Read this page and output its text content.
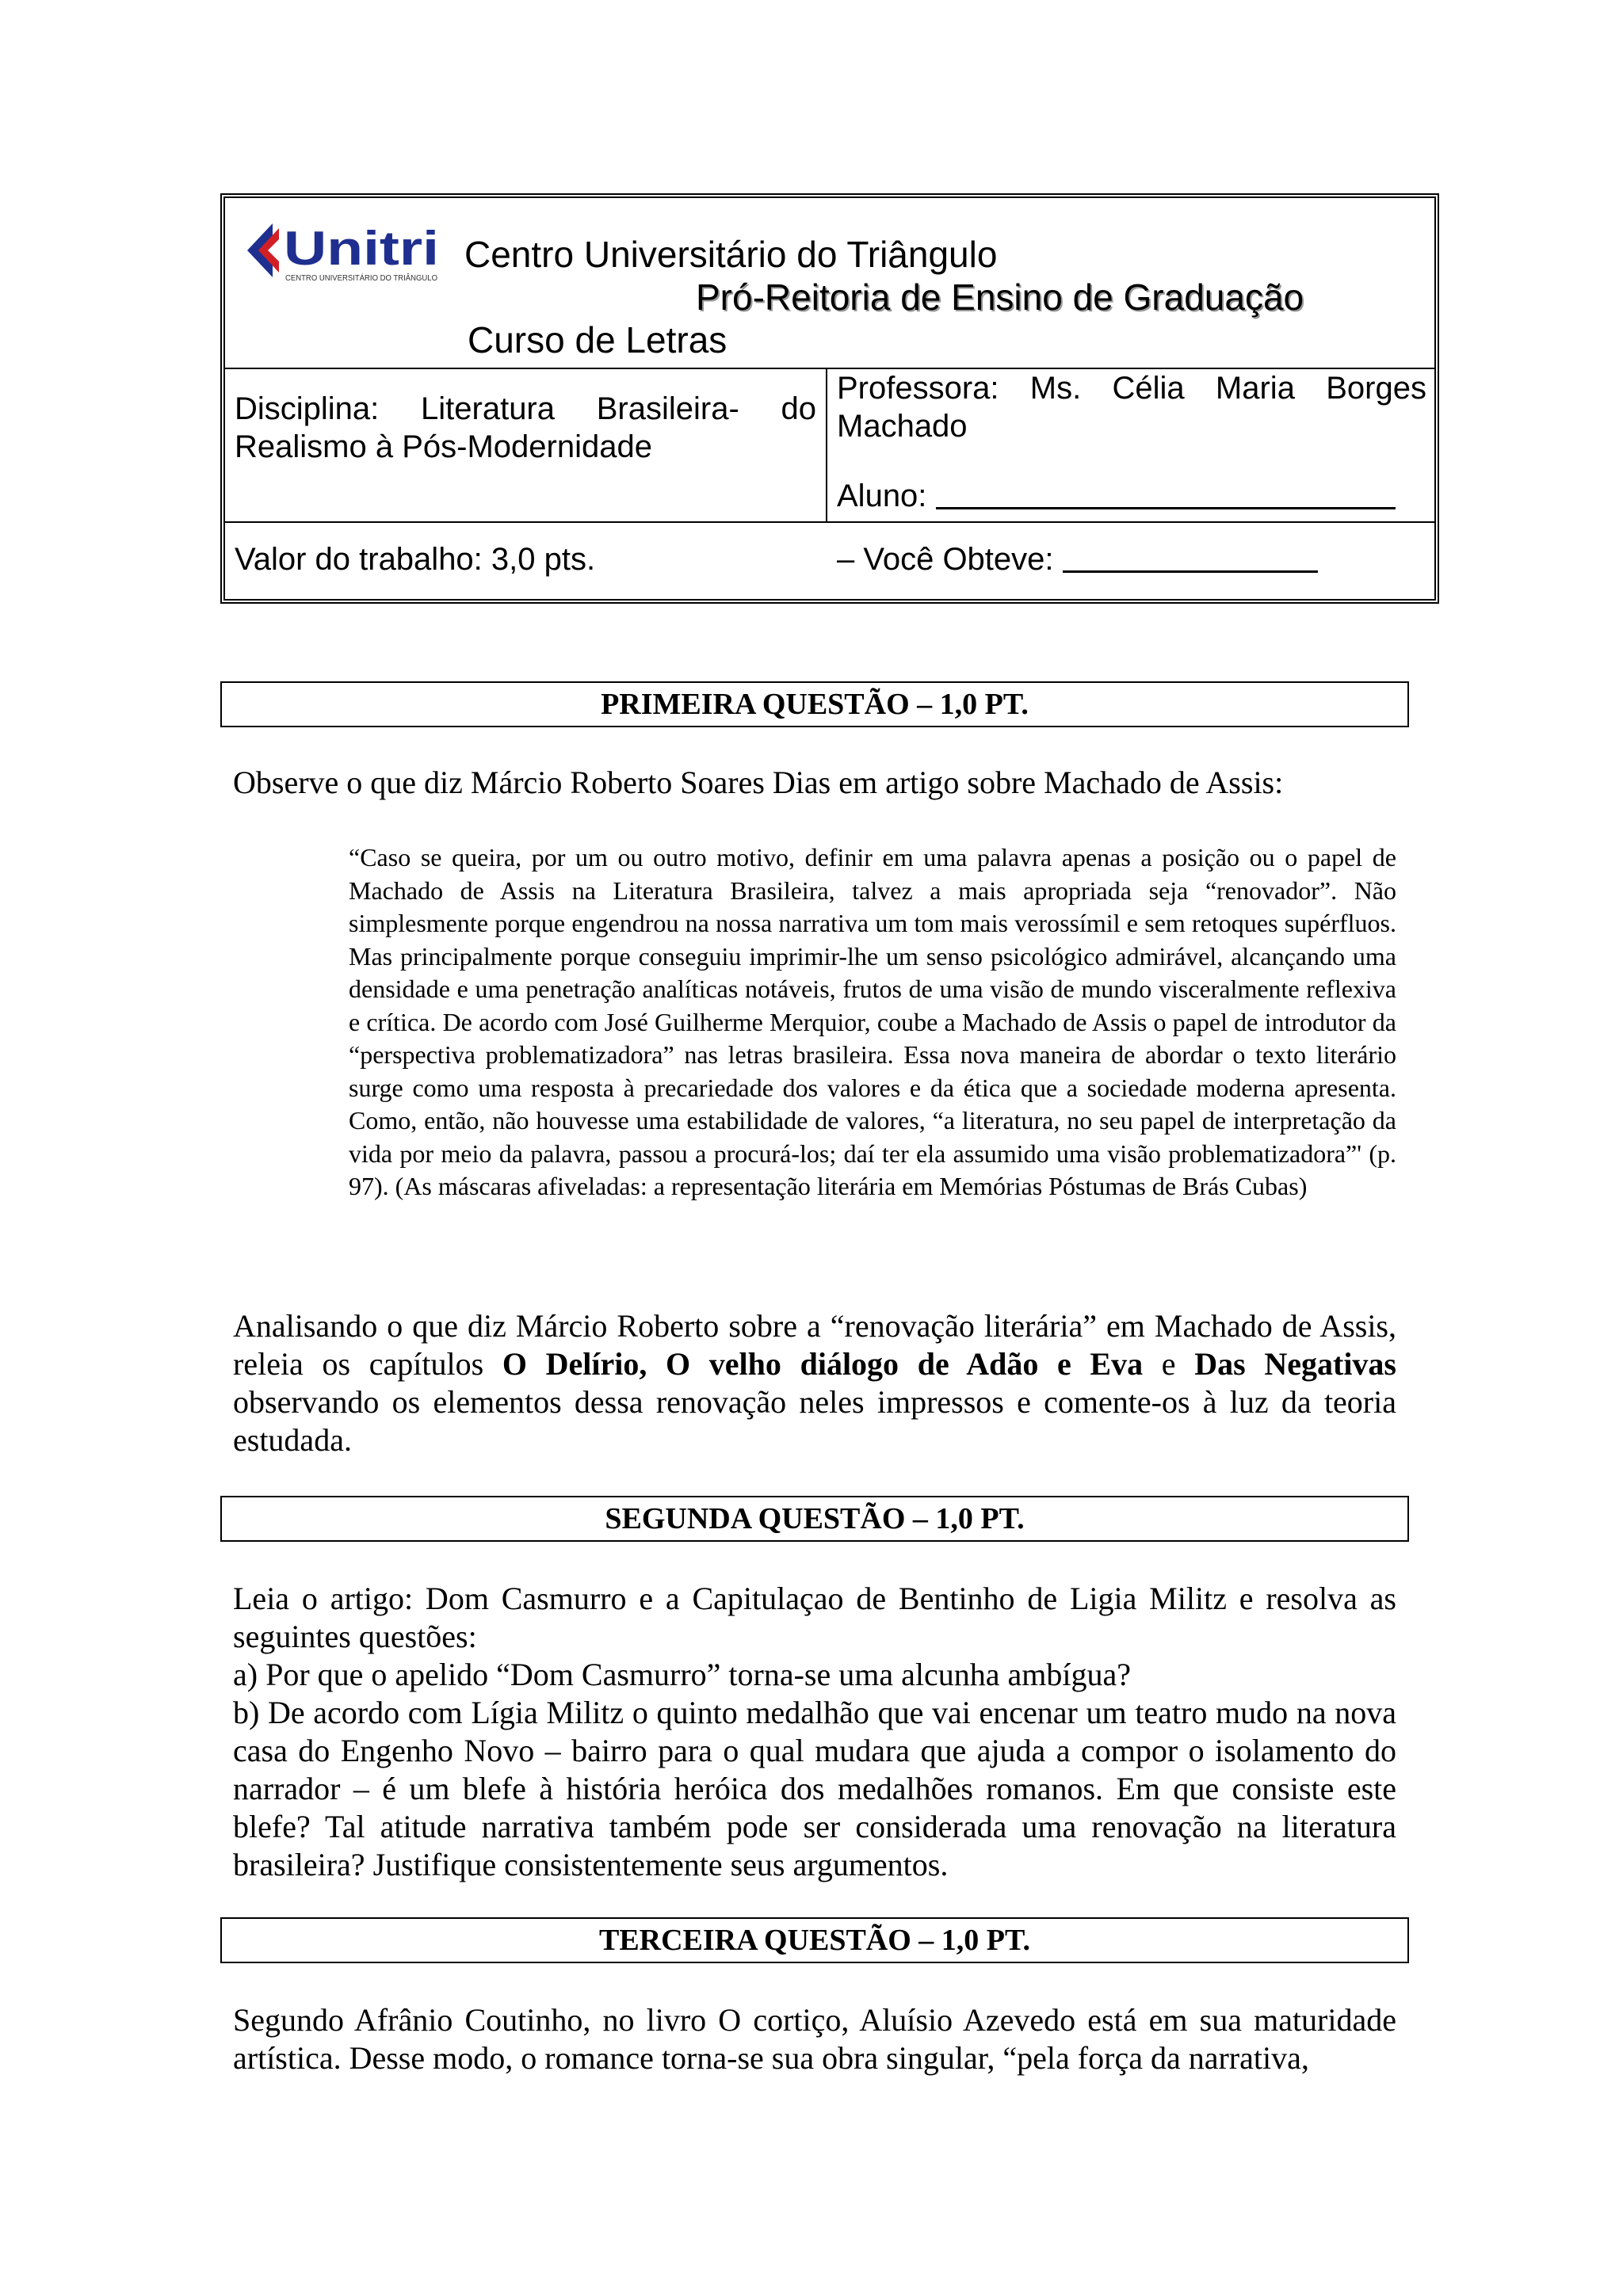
Unitri
CENTRO UNIVERSITÁRIO DO TRIÂNGULO
Centro Universitário do Triângulo
Pró-Reitoria de Ensino de Graduação
Curso de Letras
Disciplina: Literatura Brasileira- do
Realismo à Pós-Modernidade
Professora: Ms. Célia Maria Borges
Machado
Aluno:
Valor do trabalho: 3,0 pts.	– Você Obteve:
PRIMEIRA QUESTÃO – 1,0 PT.
Observe o que diz Márcio Roberto Soares Dias em artigo sobre Machado de Assis:
“Caso se queira, por um ou outro motivo, definir em uma palavra apenas a posição ou o papel de Machado de Assis na Literatura Brasileira, talvez a mais apropriada seja “renovador”. Não simplesmente porque engendrou na nossa narrativa um tom mais verossímil e sem retoques supérfluos. Mas principalmente porque conseguiu imprimir-lhe um senso psicológico admirável, alcançando uma densidade e uma penetração analíticas notáveis, frutos de uma visão de mundo visceralmente reflexiva e crítica. De acordo com José Guilherme Merquior, coube a Machado de Assis o papel de introdutor da “perspectiva problematizadora” nas letras brasileira. Essa nova maneira de abordar o texto literário surge como uma resposta à precariedade dos valores e da ética que a sociedade moderna apresenta. Como, então, não houvesse uma estabilidade de valores, “a literatura, no seu papel de interpretação da vida por meio da palavra, passou a procurá-los; daí ter ela assumido uma visão problematizadora”' (p. 97). (As máscaras afiveladas: a representação literária em Memórias Póstumas de Brás Cubas)
Analisando o que diz Márcio Roberto sobre a “renovação literária” em Machado de Assis, releia os capítulos O Delírio, O velho diálogo de Adão e Eva e Das Negativas observando os elementos dessa renovação neles impressos e comente-os à luz da teoria estudada.
SEGUNDA QUESTÃO – 1,0 PT.
Leia o artigo: Dom Casmurro e a Capitulaçao de Bentinho de Ligia Militz e resolva as seguintes questões:
a) Por que o apelido “Dom Casmurro” torna-se uma alcunha ambígua?
b) De acordo com Lígia Militz o quinto medalhão que vai encenar um teatro mudo na nova casa do Engenho Novo – bairro para o qual mudara que ajuda a compor o isolamento do narrador – é um blefe à história heróica dos medalhões romanos. Em que consiste este blefe? Tal atitude narrativa também pode ser considerada uma renovação na literatura brasileira? Justifique consistentemente seus argumentos.
TERCEIRA QUESTÃO – 1,0 PT.
Segundo Afrânio Coutinho, no livro O cortiço, Aluísio Azevedo está em sua maturidade artística. Desse modo, o romance torna-se sua obra singular, “pela força da narrativa,
